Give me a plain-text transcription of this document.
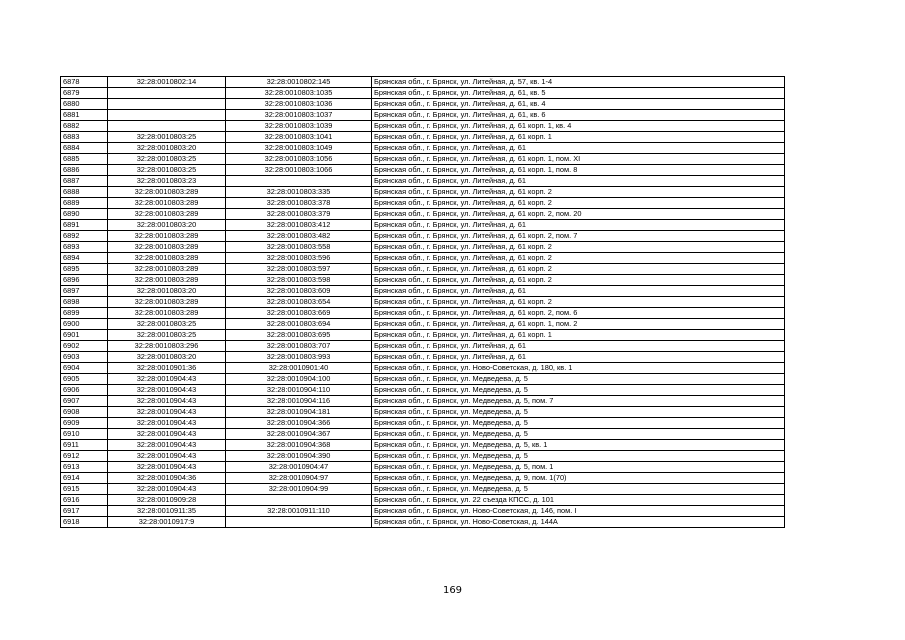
6878	32:28:0010802:14	32:28:0010802:145	Брянская обл., г. Брянск, ул. Литейная, д. 57, кв. 1-4
6879		32:28:0010803:1035	Брянская обл., г. Брянск, ул. Литейная, д. 61, кв. 5
6880		32:28:0010803:1036	Брянская обл., г. Брянск, ул. Литейная, д. 61, кв. 4
6881		32:28:0010803:1037	Брянская обл., г. Брянск, ул. Литейная, д. 61, кв. 6
6882		32:28:0010803:1039	Брянская обл., г. Брянск, ул. Литейная, д. 61 корп. 1, кв. 4
6883	32:28:0010803:25	32:28:0010803:1041	Брянская обл., г. Брянск, ул. Литейная, д. 61 корп. 1
6884	32:28:0010803:20	32:28:0010803:1049	Брянская обл., г. Брянск, ул. Литейная, д. 61
6885	32:28:0010803:25	32:28:0010803:1056	Брянская обл., г. Брянск, ул. Литейная, д. 61 корп. 1, пом. XI
6886	32:28:0010803:25	32:28:0010803:1066	Брянская обл., г. Брянск, ул. Литейная, д. 61 корп. 1, пом. 8
6887	32:28:0010803:23		Брянская обл., г. Брянск, ул. Литейная, д. 61
6888	32:28:0010803:289	32:28:0010803:335	Брянская обл., г. Брянск, ул. Литейная, д. 61 корп. 2
6889	32:28:0010803:289	32:28:0010803:378	Брянская обл., г. Брянск, ул. Литейная, д. 61 корп. 2
6890	32:28:0010803:289	32:28:0010803:379	Брянская обл., г. Брянск, ул. Литейная, д. 61 корп. 2, пом. 20
6891	32:28:0010803:20	32:28:0010803:412	Брянская обл., г. Брянск, ул. Литейная, д. 61
6892	32:28:0010803:289	32:28:0010803:482	Брянская обл., г. Брянск, ул. Литейная, д. 61 корп. 2, пом. 7
6893	32:28:0010803:289	32:28:0010803:558	Брянская обл., г. Брянск, ул. Литейная, д. 61 корп. 2
6894	32:28:0010803:289	32:28:0010803:596	Брянская обл., г. Брянск, ул. Литейная, д. 61 корп. 2
6895	32:28:0010803:289	32:28:0010803:597	Брянская обл., г. Брянск, ул. Литейная, д. 61 корп. 2
6896	32:28:0010803:289	32:28:0010803:598	Брянская обл., г. Брянск, ул. Литейная, д. 61 корп. 2
6897	32:28:0010803:20	32:28:0010803:609	Брянская обл., г. Брянск, ул. Литейная, д. 61
6898	32:28:0010803:289	32:28:0010803:654	Брянская обл., г. Брянск, ул. Литейная, д. 61 корп. 2
6899	32:28:0010803:289	32:28:0010803:669	Брянская обл., г. Брянск, ул. Литейная, д. 61 корп. 2, пом. 6
6900	32:28:0010803:25	32:28:0010803:694	Брянская обл., г. Брянск, ул. Литейная, д. 61 корп. 1, пом. 2
6901	32:28:0010803:25	32:28:0010803:695	Брянская обл., г. Брянск, ул. Литейная, д. 61 корп. 1
6902	32:28:0010803:296	32:28:0010803:707	Брянская обл., г. Брянск, ул. Литейная, д. 61
6903	32:28:0010803:20	32:28:0010803:993	Брянская обл., г. Брянск, ул. Литейная, д. 61
6904	32:28:0010901:36	32:28:0010901:40	Брянская обл., г. Брянск, ул. Ново-Советская, д. 180, кв. 1
6905	32:28:0010904:43	32:28:0010904:100	Брянская обл., г. Брянск, ул. Медведева, д. 5
6906	32:28:0010904:43	32:28:0010904:110	Брянская обл., г. Брянск, ул. Медведева, д. 5
6907	32:28:0010904:43	32:28:0010904:116	Брянская обл., г. Брянск, ул. Медведева, д. 5, пом. 7
6908	32:28:0010904:43	32:28:0010904:181	Брянская обл., г. Брянск, ул. Медведева, д. 5
6909	32:28:0010904:43	32:28:0010904:366	Брянская обл., г. Брянск, ул. Медведева, д. 5
6910	32:28:0010904:43	32:28:0010904:367	Брянская обл., г. Брянск, ул. Медведева, д. 5
6911	32:28:0010904:43	32:28:0010904:368	Брянская обл., г. Брянск, ул. Медведева, д. 5, кв. 1
6912	32:28:0010904:43	32:28:0010904:390	Брянская обл., г. Брянск, ул. Медведева, д. 5
6913	32:28:0010904:43	32:28:0010904:47	Брянская обл., г. Брянск, ул. Медведева, д. 5, пом. 1
6914	32:28:0010904:36	32:28:0010904:97	Брянская обл., г. Брянск, ул. Медведева, д. 9, пом. 1(70)
6915	32:28:0010904:43	32:28:0010904:99	Брянская обл., г. Брянск, ул. Медведева, д. 5
6916	32:28:0010909:28		Брянская обл., г. Брянск, ул. 22 съезда КПСС, д. 101
6917	32:28:0010911:35	32:28:0010911:110	Брянская обл., г. Брянск, ул. Ново-Советская, д. 146, пом. I
6918	32:28:0010917:9		Брянская обл., г. Брянск, ул. Ново-Советская, д. 144А
169
